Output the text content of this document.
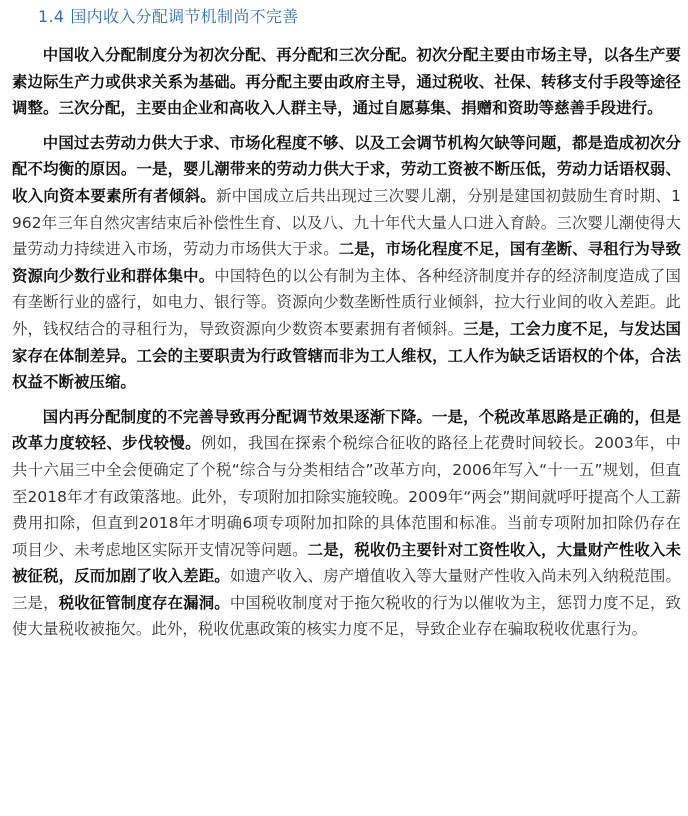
1.4 国内收入分配调节机制尚不完善

中国收入分配制度分为初次分配、再分配和三次分配。初次分配主要由市场主导，以各生产要素边际生产力或供求关系为基础。再分配主要由政府主导，通过税收、社保、转移支付手段等途径调整。三次分配，主要由企业和高收入人群主导，通过自愿募集、捐赠和资助等慈善手段进行。

中国过去劳动力供大于求、市场化程度不够、以及工会调节机构欠缺等问题，都是造成初次分配不均衡的原因。一是，婴儿潮带来的劳动力供大于求，劳动工资被不断压低，劳动力话语权弱、收入向资本要素所有者倾斜。新中国成立后共出现过三次婴儿潮，分别是建国初鼓励生育时期、1962年三年自然灾害结束后补偿性生育、以及八、九十年代大量人口进入育龄。三次婴儿潮使得大量劳动力持续进入市场，劳动力市场供大于求。二是，市场化程度不足，国有垄断、寻租行为导致资源向少数行业和群体集中。中国特色的以公有制为主体、各种经济制度并存的经济制度造成了国有垄断行业的盛行，如电力、银行等。资源向少数垄断性质行业倾斜，拉大行业间的收入差距。此外，钱权结合的寻租行为，导致资源向少数资本要素拥有者倾斜。三是，工会力度不足，与发达国家存在体制差异。工会的主要职责为行政管辖而非为工人维权，工人作为缺乏话语权的个体，合法权益不断被压缩。

国内再分配制度的不完善导致再分配调节效果逐渐下降。一是，个税改革思路是正确的，但是改革力度较轻、步伐较慢。例如，我国在探索个税综合征收的路径上花费时间较长。2003年，中共十六届三中全会便确定了个税“综合与分类相结合”改革方向，2006年写入“十一五”规划，但直至2018年才有政策落地。此外，专项附加扣除实施较晚。2009年“两会”期间就呼吁提高个人工薪费用扣除，但直到2018年才明确6项专项附加扣除的具体范围和标准。当前专项附加扣除仍存在项目少、未考虑地区实际开支情况等问题。二是，税收仍主要针对工资性收入，大量财产性收入未被征税，反而加剧了收入差距。如遗产收入、房产增值收入等大量财产性收入尚未列入纳税范围。三是，税收征管制度存在漏洞。中国税收制度对于拖欠税收的行为以催收为主，惩罚力度不足，致使大量税收被拖欠。此外，税收优惠政策的核实力度不足，导致企业存在骗取税收优惠行为。
